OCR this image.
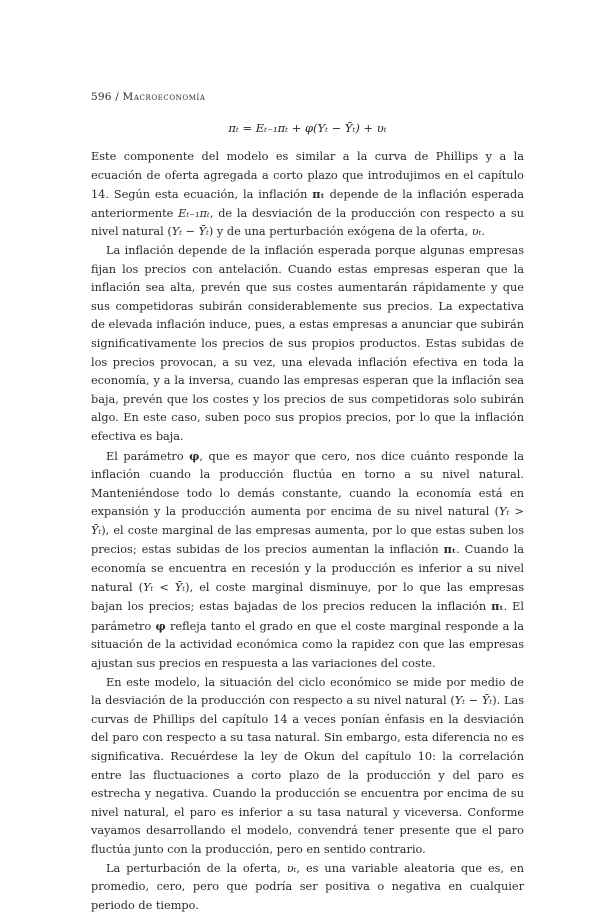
596 / Macroeconomía
πₜ = Eₜ₋₁πₜ + φ(Yₜ − Ȳₜ) + υₜ

Este componente del modelo es similar a la curva de Phillips y a la ecuación de oferta agregada a corto plazo que introdujimos en el capítulo 14. Según esta ecuación, la inflación πₜ depende de la inflación esperada anteriormente Eₜ₋₁πₜ, de la desviación de la producción con respecto a su nivel natural (Yₜ − Ȳₜ) y de una perturbación exógena de la oferta, υₜ.

La inflación depende de la inflación esperada porque algunas empresas fijan los precios con antelación. Cuando estas empresas esperan que la inflación sea alta, prevén que sus costes aumentarán rápidamente y que sus competidoras subirán considerablemente sus precios. La expectativa de elevada inflación induce, pues, a estas empresas a anunciar que subirán significativamente los precios de sus propios productos. Estas subidas de los precios provocan, a su vez, una elevada inflación efectiva en toda la economía, y a la inversa, cuando las empresas esperan que la inflación sea baja, prevén que los costes y los precios de sus competidoras solo subirán algo. En este caso, suben poco sus propios precios, por lo que la inflación efectiva es baja.

El parámetro φ, que es mayor que cero, nos dice cuánto responde la inflación cuando la producción fluctúa en torno a su nivel natural. Manteniéndose todo lo demás constante, cuando la economía está en expansión y la producción aumenta por encima de su nivel natural (Yₜ > Ȳₜ), el coste marginal de las empresas aumenta, por lo que estas suben los precios; estas subidas de los precios aumentan la inflación πₜ. Cuando la economía se encuentra en recesión y la producción es inferior a su nivel natural (Yₜ < Ȳₜ), el coste marginal disminuye, por lo que las empresas bajan los precios; estas bajadas de los precios reducen la inflación πₜ. El parámetro φ refleja tanto el grado en que el coste marginal responde a la situación de la actividad económica como la rapidez con que las empresas ajustan sus precios en respuesta a las variaciones del coste.

En este modelo, la situación del ciclo económico se mide por medio de la desviación de la producción con respecto a su nivel natural (Yₜ − Ȳₜ). Las curvas de Phillips del capítulo 14 a veces ponían énfasis en la desviación del paro con respecto a su tasa natural. Sin embargo, esta diferencia no es significativa. Recuérdese la ley de Okun del capítulo 10: la correlación entre las fluctuaciones a corto plazo de la producción y del paro es estrecha y negativa. Cuando la producción se encuentra por encima de su nivel natural, el paro es inferior a su tasa natural y viceversa. Conforme vayamos desarrollando el modelo, convendrá tener presente que el paro fluctúa junto con la producción, pero en sentido contrario.

La perturbación de la oferta, υₜ, es una variable aleatoria que es, en promedio, cero, pero que podría ser positiva o negativa en cualquier periodo de tiempo.
